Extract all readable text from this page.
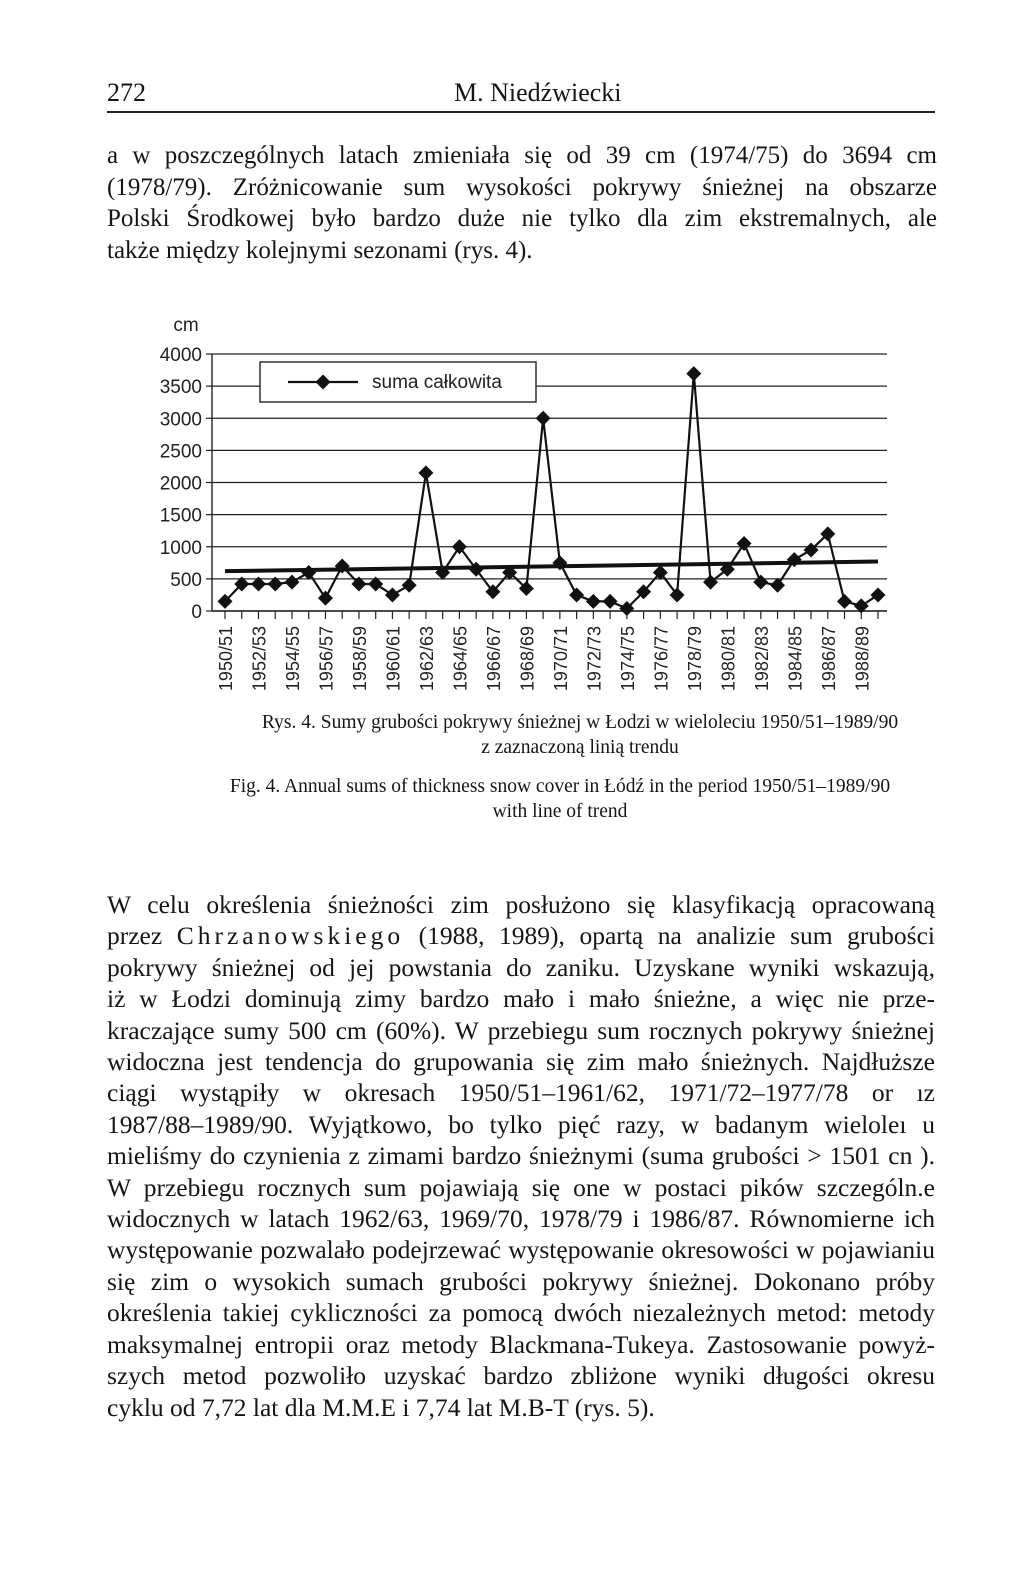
272	M. Niedźwiecki
a w poszczególnych latach zmieniała się od 39 cm (1974/75) do 3694 cm
(1978/79). Zróżnicowanie sum wysokości pokrywy śnieżnej na obszarze
Polski Środkowej było bardzo duże nie tylko dla zim ekstremalnych, ale
także między kolejnymi sezonami (rys. 4).
0
500
1000
1500
2000
2500
3000
3500
4000
cm
1950/51 1952/53 1954/55 1956/57 1958/59 1960/61 1962/63 1964/65 1966/67 1968/69 1970/71 1972/73 1974/75 1976/77 1978/79 1980/81 1982/83 1984/85 1986/87 1988/89
suma całkowita
Rys. 4. Sumy grubości pokrywy śnieżnej w Łodzi w wieloleciu 1950/51–1989/90
z zaznaczoną linią trendu
Fig. 4. Annual sums of thickness snow cover in Łódź in the period 1950/51–1989/90
with line of trend
W celu określenia śnieżności zim posłużono się klasyfikacją opracowaną
przez Chrzanowskiego (1988, 1989), opartą na analizie sum grubości
pokrywy śnieżnej od jej powstania do zaniku. Uzyskane wyniki wskazują,
iż w Łodzi dominują zimy bardzo mało i mało śnieżne, a więc nie prze-
kraczające sumy 500 cm (60%). W przebiegu sum rocznych pokrywy śnieżnej
widoczna jest tendencja do grupowania się zim mało śnieżnych. Najdłuższe
ciągi wystąpiły w okresach 1950/51–1961/62, 1971/72–1977/78 or ız
1987/88–1989/90. Wyjątkowo, bo tylko pięć razy, w badanym wieloleı u
mieliśmy do czynienia z zimami bardzo śnieżnymi (suma grubości > 1501 cn ).
W przebiegu rocznych sum pojawiają się one w postaci pików szczególn.e
widocznych w latach 1962/63, 1969/70, 1978/79 i 1986/87. Równomierne ich
występowanie pozwalało podejrzewać występowanie okresowości w pojawianiu
się zim o wysokich sumach grubości pokrywy śnieżnej. Dokonano próby
określenia takiej cykliczności za pomocą dwóch niezależnych metod: metody
maksymalnej entropii oraz metody Blackmana-Tukeya. Zastosowanie powyż-
szych metod pozwoliło uzyskać bardzo zbliżone wyniki długości okresu
cyklu od 7,72 lat dla M.M.E i 7,74 lat M.B-T (rys. 5).
